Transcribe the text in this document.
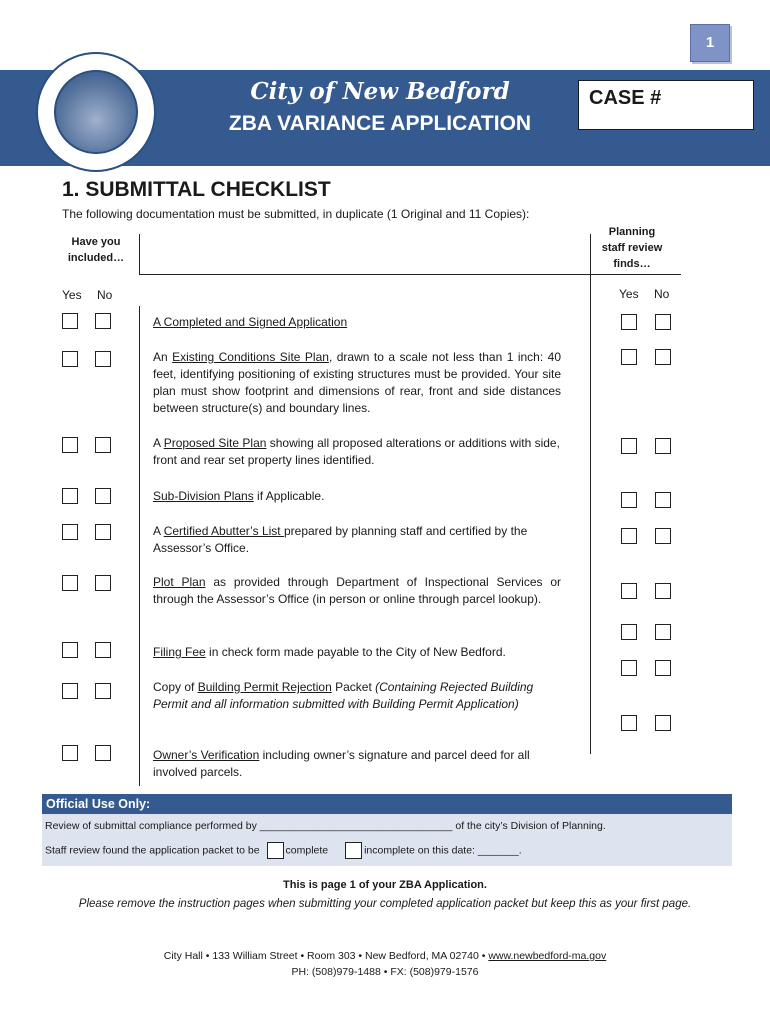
1
City of New Bedford
ZBA VARIANCE APPLICATION
CASE #
1. SUBMITTAL CHECKLIST
The following documentation must be submitted, in duplicate (1 Original and 11 Copies):
Have you
included…
Planning
staff review
finds…
Yes No	Yes No
A Completed and Signed Application
An Existing Conditions Site Plan, drawn to a scale not less than 1 inch: 40 feet, identifying positioning of existing structures must be provided. Your site plan must show footprint and dimensions of rear, front and side distances between structure(s) and boundary lines.
A Proposed Site Plan showing all proposed alterations or additions with side, front and rear set property lines identified.
Sub-Division Plans if Applicable.
A Certified Abutter’s List prepared by planning staff and certified by the Assessor’s Office.
Plot Plan as provided through Department of Inspectional Services or through the Assessor’s Office (in person or online through parcel lookup).
Filing Fee in check form made payable to the City of New Bedford.
Copy of Building Permit Rejection Packet (Containing Rejected Building Permit and all information submitted with Building Permit Application)
Owner’s Verification including owner’s signature and parcel deed for all involved parcels.
Official Use Only:
Review of submittal compliance performed by _________________________________ of the city’s Division of Planning.
Staff review found the application packet to be complete	incomplete on this date: _______.
This is page 1 of your ZBA Application.
Please remove the instruction pages when submitting your completed application packet but keep this as your first page.
City Hall • 133 William Street • Room 303 • New Bedford, MA 02740 • www.newbedford-ma.gov
PH: (508)979-1488 • FX: (508)979-1576
